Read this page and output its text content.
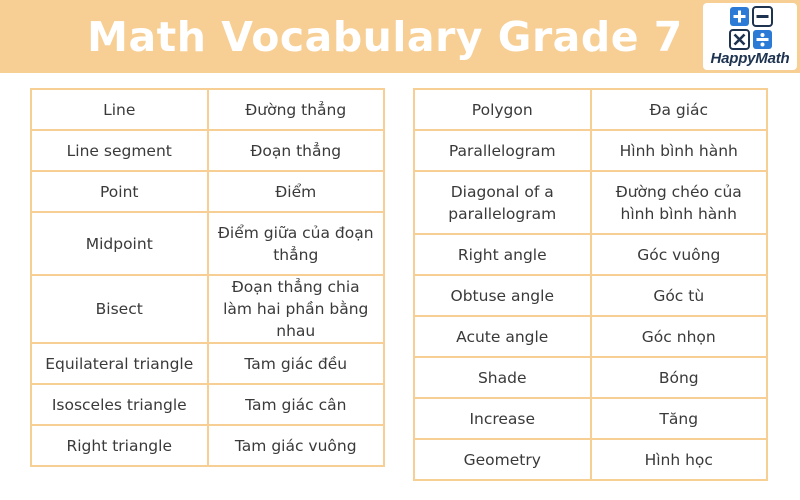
Math Vocabulary Grade 7	HappyMath
Line	Đường thẳng
Line segment	Đoạn thẳng
Point	Điểm
Midpoint	Điểm giữa của đoạn thẳng
Bisect	Đoạn thẳng chia làm hai phần bằng nhau
Equilateral triangle	Tam giác đều
Isosceles triangle	Tam giác cân
Right triangle	Tam giác vuông
Polygon	Đa giác
Parallelogram	Hình bình hành
Diagonal of a parallelogram	Đường chéo của hình bình hành
Right angle	Góc vuông
Obtuse angle	Góc tù
Acute angle	Góc nhọn
Shade	Bóng
Increase	Tăng
Geometry	Hình học
